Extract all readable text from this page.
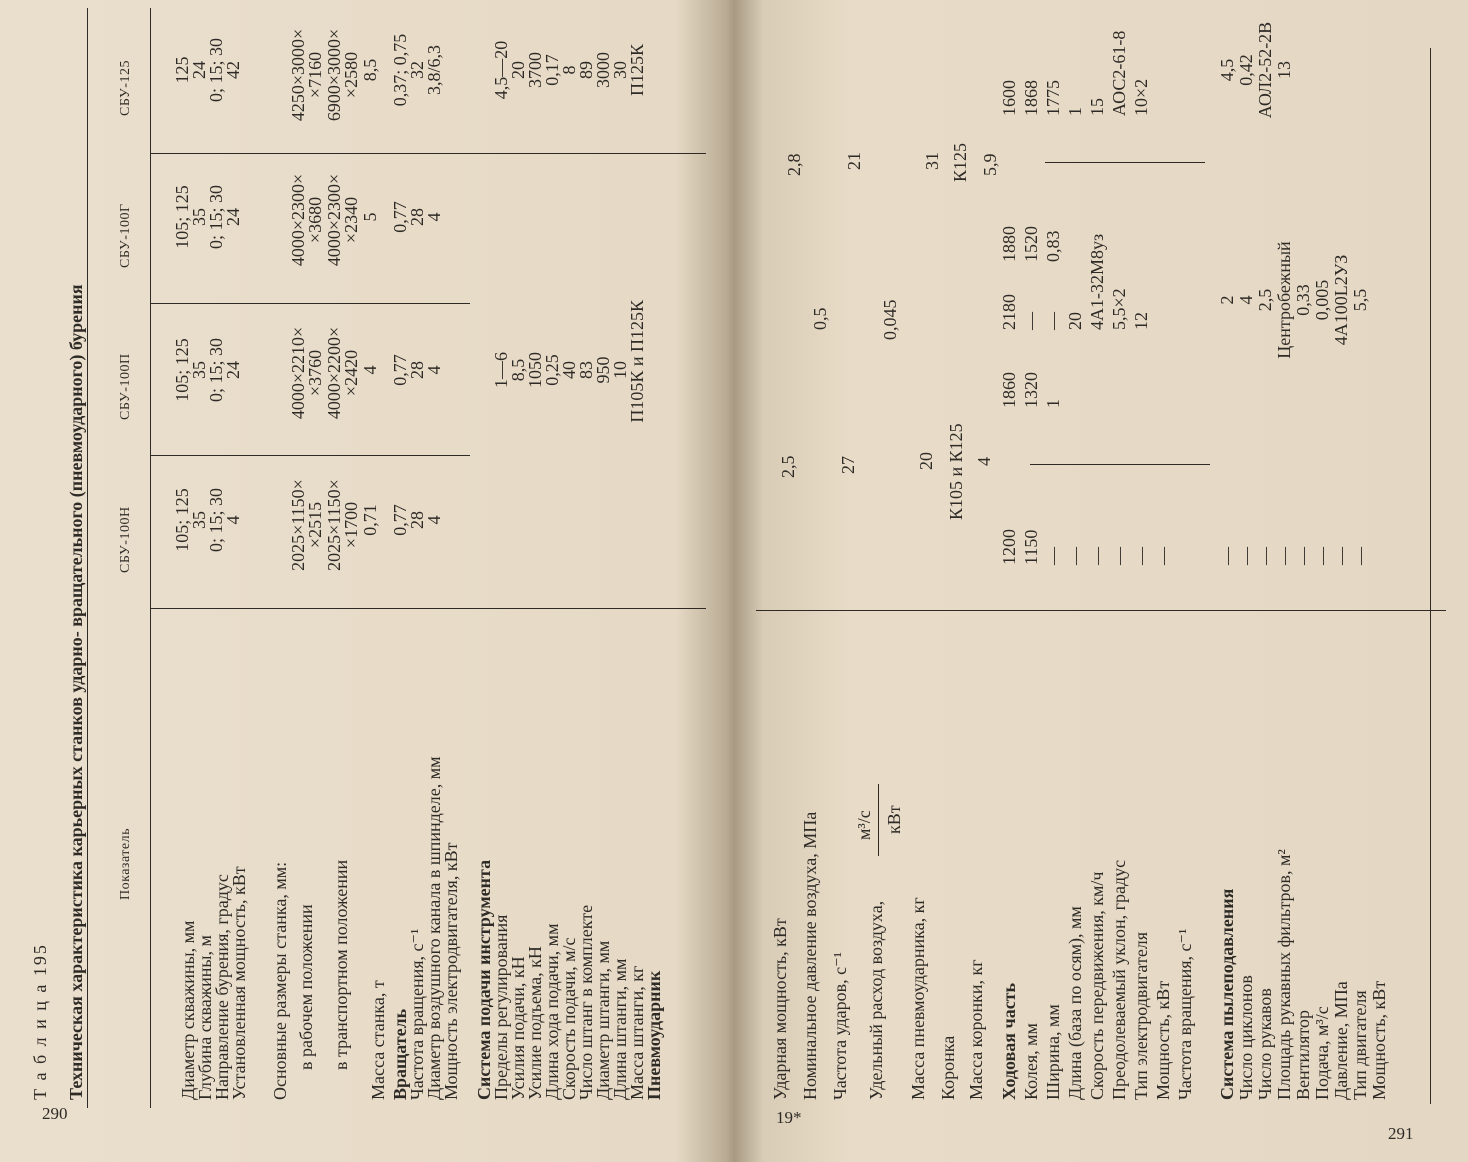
290
Т а б л и ц а 195 Техническая характеристика карьерных станков ударно- вращательного (пневмоударного) бурения Показатель
СБУ-100Н
СБУ-100П
СБУ-100Г
СБУ-125
Диаметр скважины, мм
Глубина скважины, м
Направление бурения, градус
Установленная мощность, кВт
105; 125
35
0; 15; 30
4
105; 125
35
0; 15; 30
24
105; 125
35
0; 15; 30
24
125
24
0; 15; 30
42
Основные размеры станка, мм: в рабочем положении в транспортном положении
2025×1150×
×2515
4000×2210×
×3760
4000×2300×
×3680
4250×3000×
×7160
2025×1150×
×1700
4000×2200×
×2420
4000×2300×
×2340
6900×3000×
×2580
Масса станка, т
0,71
4
5
8,5
Вращатель
Частота вращения, с⁻¹
Диаметр воздушного канала в шпинделе, мм
Мощность электродвигателя, кВт
0,77
28
4
0,77
28
4
0,77
28
4
0,37; 0,75
32
3,8/6,3
Система подачи инструмента
Пределы регулирования
Усилия подачи, кН
Усилие подъема, кН
Длина хода подачи, мм
Скорость подачи, м/с
Число штанг в комплекте
Диаметр штанги, мм
Длина штанги, мм
Масса штанги, кг
Пневмоударник
1—6
8,5
1050
0,25
40
83
950
10
П105К и П125К
4,5—20
20
3700
0,17
8
89
3000
30
П125К
19*
291
Ударная мощность, кВт
2,5
2,8
Номинальное давление воздуха, МПа
0,5
Частота ударов, с⁻¹
27
21
Удельный расход воздуха,
м³/с кВт
0,045
Масса пневмоударника, кг
20
31
Коронка
К105 и К125
К125
Масса коронки, кг
4
5,9
Ходовая часть Колея, мм Ширина, мм Длина (база по осям), мм Скорость передвижения, км/ч Преодолеваемый уклон, градус Тип электродвигателя Мощность, кВт Частота вращения, с⁻¹
1200 1150 — — — — — —
1860 1320 1
2180 — — 20 4А1-32М8уз 5,5×2 12
1880 1520 0,83
1600 1868 1775 1 15 АОС2-61-8 10×2
Система пылеподавления Число циклонов Число рукавов Площадь рукавных фильтров, м² Вентилятор Подача, м³/с Давление, МПа Тип двигателя Мощность, кВт
— — — — — — — —
2 4 2,5 Центробежный 0,33 0,005 4А100L2УЗ 5,5
4,5 0,42 АОЛ2-52-2В 13
